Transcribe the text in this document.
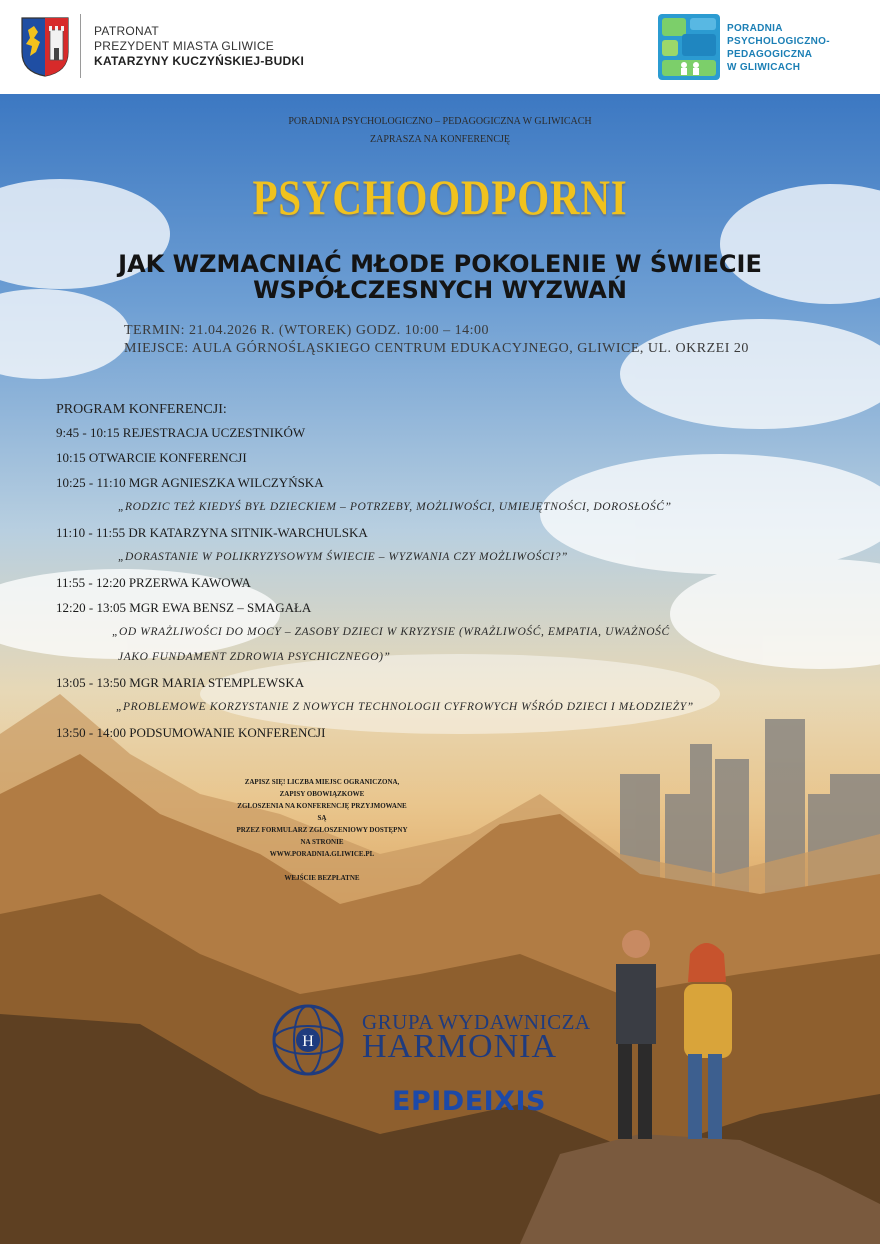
PATRONAT
PREZYDENT MIASTA GLIWICE
KATARZYNY KUCZYŃSKIEJ-BUDKI
PORADNIA
PSYCHOLOGICZNO-
PEDAGOGICZNA
W GLIWICACH
PORADNIA PSYCHOLOGICZNO – PEDAGOGICZNA W GLIWICACH
ZAPRASZA NA KONFERENCJĘ
PSYCHOODPORNI
JAK WZMACNIAĆ MŁODE POKOLENIE W ŚWIECIE
WSPÓŁCZESNYCH WYZWAŃ
TERMIN: 21.04.2026 R. (WTOREK) GODZ. 10:00 – 14:00
MIEJSCE: AULA GÓRNOŚLĄSKIEGO CENTRUM EDUKACYJNEGO, GLIWICE, UL. OKRZEI 20
PROGRAM KONFERENCJI:
9:45 - 10:15 REJESTRACJA UCZESTNIKÓW
10:15 OTWARCIE KONFERENCJI
10:25 - 11:10 MGR AGNIESZKA WILCZYŃSKA
„RODZIC TEŻ KIEDYŚ BYŁ DZIECKIEM – POTRZEBY, MOŻLIWOŚCI, UMIEJĘTNOŚCI, DOROSŁOŚĆ”
11:10 - 11:55 DR KATARZYNA SITNIK-WARCHULSKA
„DORASTANIE W POLIKRYZYSOWYM ŚWIECIE – WYZWANIA CZY MOŻLIWOŚCI?”
11:55 - 12:20 PRZERWA KAWOWA
12:20 - 13:05 MGR EWA BENSZ – SMAGAŁA
„OD WRAŻLIWOŚCI DO MOCY – ZASOBY DZIECI W KRYZYSIE (WRAŻLIWOŚĆ, EMPATIA, UWAŻNOŚĆ
JAKO FUNDAMENT ZDROWIA PSYCHICZNEGO)”
13:05 - 13:50 MGR MARIA STEMPLEWSKA
„PROBLEMOWE KORZYSTANIE Z NOWYCH TECHNOLOGII CYFROWYCH WŚRÓD DZIECI I MŁODZIEŻY”
13:50 - 14:00 PODSUMOWANIE KONFERENCJI
ZAPISZ SIĘ! LICZBA MIEJSC OGRANICZONA,
ZAPISY OBOWIĄZKOWE
ZGŁOSZENIA NA KONFERENCJĘ PRZYJMOWANE SĄ
PRZEZ FORMULARZ ZGŁOSZENIOWY DOSTĘPNY NA STRONIE
WWW.PORADNIA.GLIWICE.PL
WEJŚCIE BEZPŁATNE
H
GRUPA WYDAWNICZA
HARMONIA
EPIDEIXIS
